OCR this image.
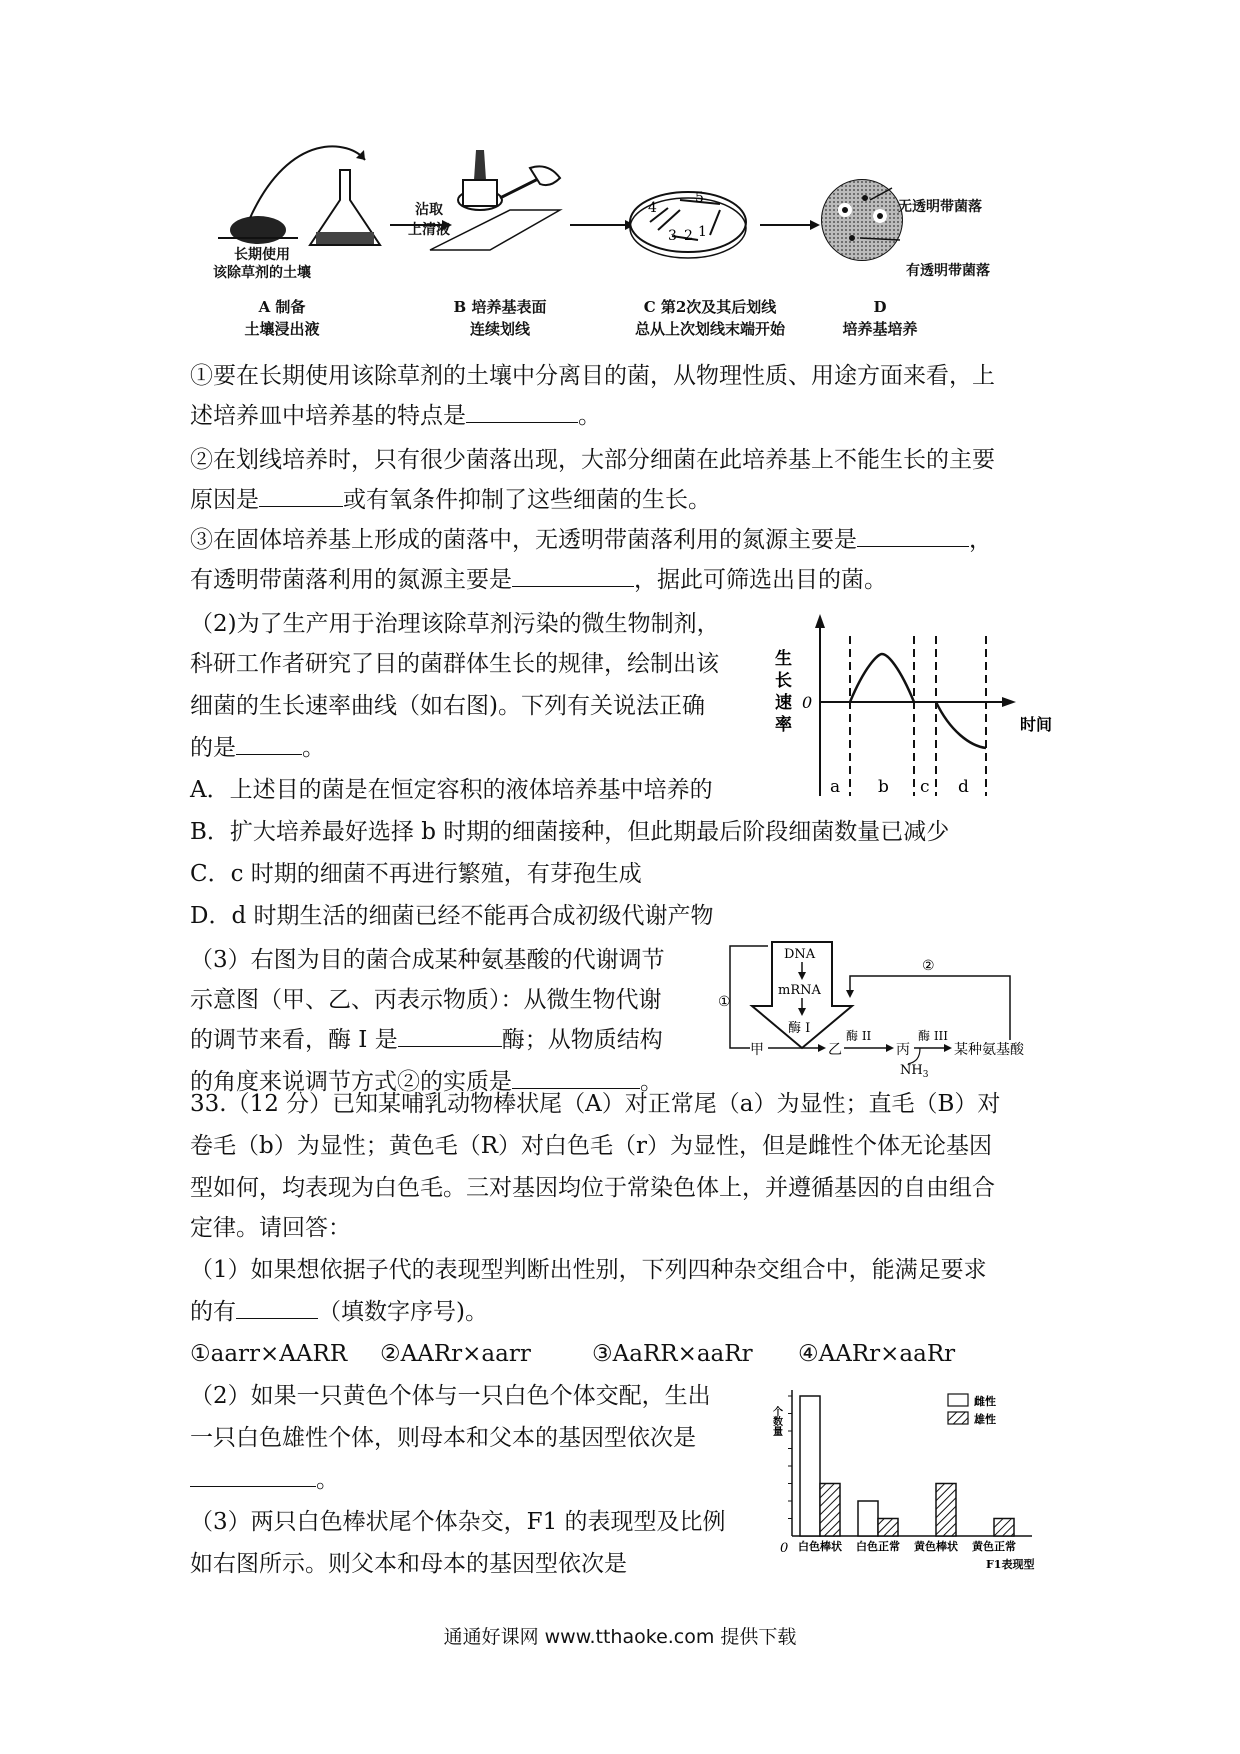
4
5
3 2 1
长期使用
该除草剂的土壤
沾取
上清液
无透明带菌落
有透明带菌落
A 制备
土壤浸出液
B 培养基表面
连续划线
C 第2次及其后划线
总从上次划线末端开始
D
培养基培养
①要在长期使用该除草剂的土壤中分离目的菌，从物理性质、用途方面来看，上
述培养皿中培养基的特点是	。
②在划线培养时，只有很少菌落出现，大部分细菌在此培养基上不能生长的主要
原因是	或有氧条件抑制了这些细菌的生长。
③在固体培养基上形成的菌落中，无透明带菌落利用的氮源主要是	，
有透明带菌落利用的氮源主要是	，据此可筛选出目的菌。
（2)为了生产用于治理该除草剂污染的微生物制剂，
科研工作者研究了目的菌群体生长的规律，绘制出该
细菌的生长速率曲线（如右图)。下列有关说法正确
的是	。
A．上述目的菌是在恒定容积的液体培养基中培养的
B．扩大培养最好选择 b 时期的细菌接种，但此期最后阶段细菌数量已减少
C．c 时期的细菌不再进行繁殖，有芽孢生成
D．d 时期生活的细菌已经不能再合成初级代谢产物
0
时间
生
长
速
率
a b c d
（3）右图为目的菌合成某种氨基酸的代谢调节
示意图（甲、乙、丙表示物质）：从微生物代谢
的调节来看，酶 I 是	酶；从物质结构
的角度来说调节方式②的实质是	。
DNA
mRNA
酶 I
①
甲	乙
酶 II
丙
酶 III
某种氨基酸
$NH_3$
②
33.（12 分）已知某哺乳动物棒状尾（A）对正常尾（a）为显性；直毛（B）对
卷毛（b）为显性；黄色毛（R）对白色毛（r）为显性，但是雌性个体无论基因
型如何，均表现为白色毛。三对基因均位于常染色体上，并遵循基因的自由组合
定律。请回答：
（1）如果想依据子代的表现型判断出性别，下列四种杂交组合中，能满足要求
的有	（填数字序号)。
①aarr×AARR ②AARr×aarr	③AaRR×aaRr ④AARr×aaRr
（2）如果一只黄色个体与一只白色个体交配，生出
一只白色雄性个体，则母本和父本的基因型依次是
。
（3）两只白色棒状尾个体杂交，F1 的表现型及比例
如右图所示。则父本和母本的基因型依次是
0
个数量
白色棒状 白色正常 黄色棒状 黄色正常
F1表现型
雌性
雄性
通通好课网 www.tthaoke.com 提供下载
